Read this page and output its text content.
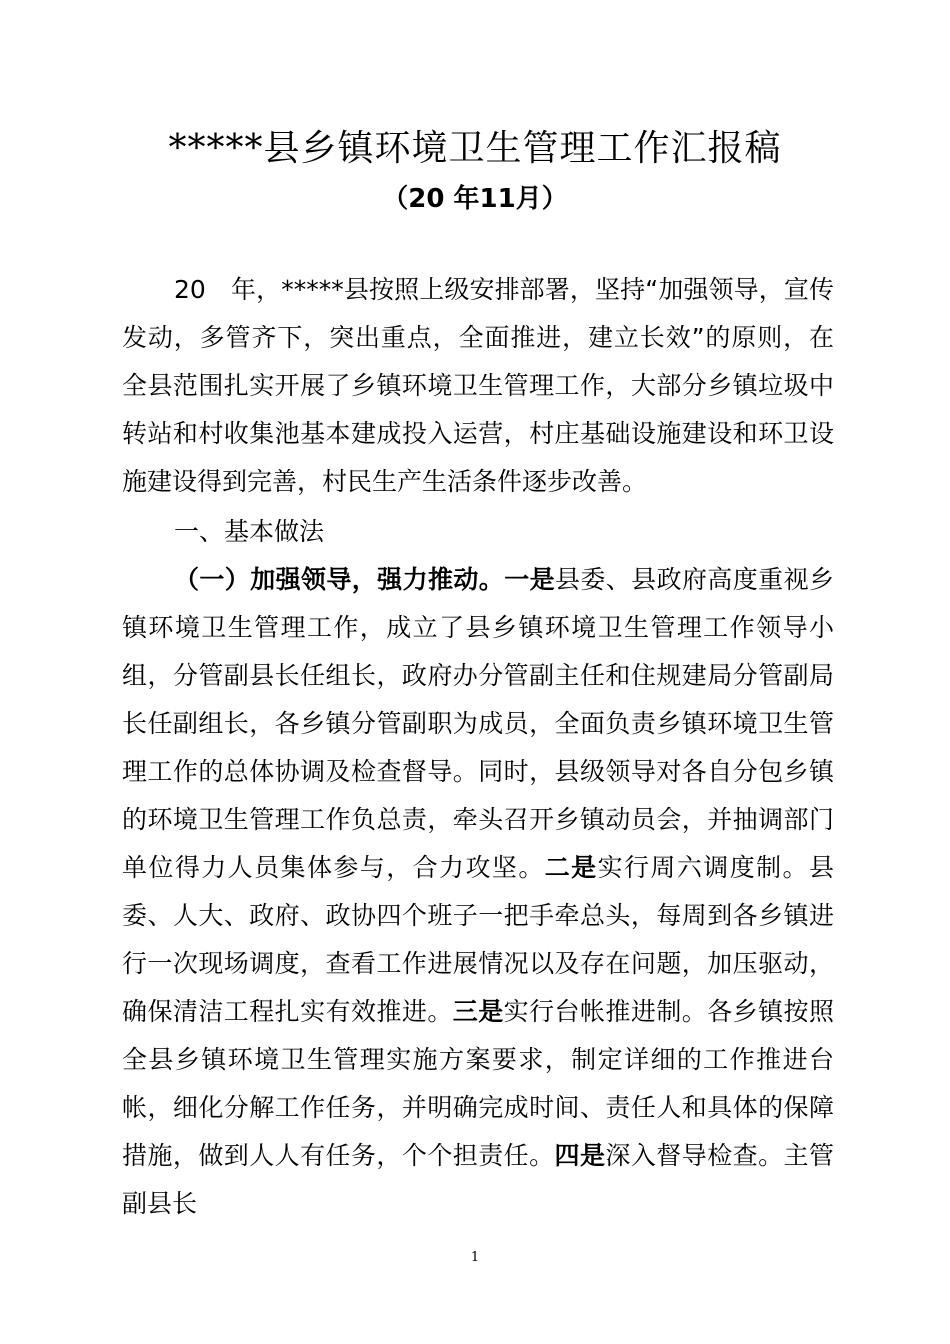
*****县乡镇环境卫生管理工作汇报稿
（20 年11月）
20　年，*****县按照上级安排部署，坚持“加强领导，宣传发动，多管齐下，突出重点，全面推进，建立长效”的原则，在全县范围扎实开展了乡镇环境卫生管理工作，大部分乡镇垃圾中转站和村收集池基本建成投入运营，村庄基础设施建设和环卫设施建设得到完善，村民生产生活条件逐步改善。
一、基本做法
（一）加强领导，强力推动。一是县委、县政府高度重视乡镇环境卫生管理工作，成立了县乡镇环境卫生管理工作领导小组，分管副县长任组长，政府办分管副主任和住规建局分管副局长任副组长，各乡镇分管副职为成员，全面负责乡镇环境卫生管理工作的总体协调及检查督导。同时，县级领导对各自分包乡镇的环境卫生管理工作负总责，牵头召开乡镇动员会，并抽调部门单位得力人员集体参与，合力攻坚。二是实行周六调度制。县委、人大、政府、政协四个班子一把手牵总头，每周到各乡镇进行一次现场调度，查看工作进展情况以及存在问题，加压驱动，确保清洁工程扎实有效推进。三是实行台帐推进制。各乡镇按照全县乡镇环境卫生管理实施方案要求，制定详细的工作推进台帐，细化分解工作任务，并明确完成时间、责任人和具体的保障措施，做到人人有任务，个个担责任。四是深入督导检查。主管副县长
1
